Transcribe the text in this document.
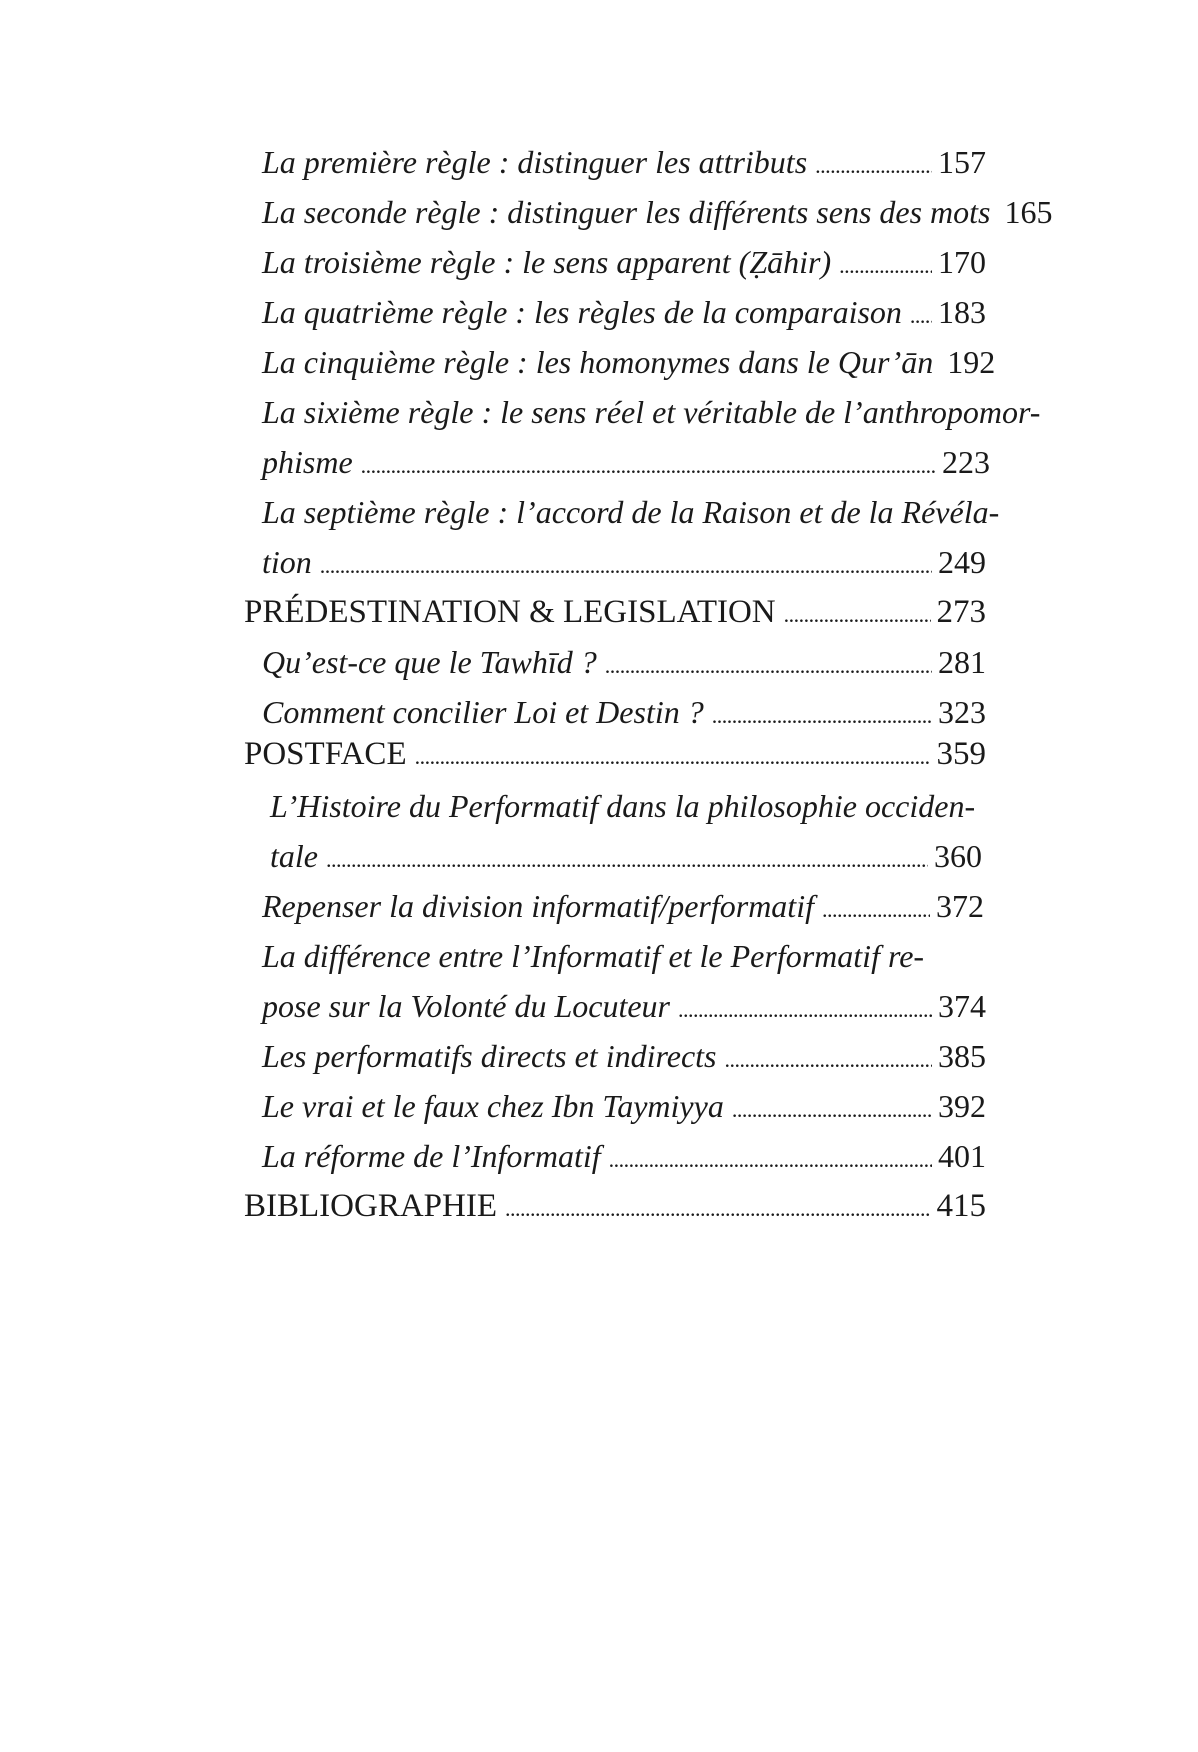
La première règle : distinguer les attributs . . .	157
La seconde règle : distinguer les différents sens des mots 165
La troisième règle : le sens apparent (Ẓāhir) . . .	170
La quatrième règle : les règles de la comparaison . . . 183
La cinquième règle : les homonymes dans le Qur’ān 192
La sixième règle : le sens réel et véritable de l’anthropomor-
phisme . . .	223
La septième règle : l’accord de la Raison et de la Révéla-
tion . . .	249
PRÉDESTINATION & LEGISLATION . . .	273
Qu’est-ce que le Tawhīd ? . . .	281
Comment concilier Loi et Destin ? . . .	323
POSTFACE . . .	359
L’Histoire du Performatif dans la philosophie occiden-
tale . . .	360
Repenser la division informatif/performatif . . .	372
La différence entre l’Informatif et le Performatif re-
pose sur la Volonté du Locuteur . . .	374
Les performatifs directs et indirects . . .	385
Le vrai et le faux chez Ibn Taymiyya . . .	392
La réforme de l’Informatif . . .	401
BIBLIOGRAPHIE . . .	415
